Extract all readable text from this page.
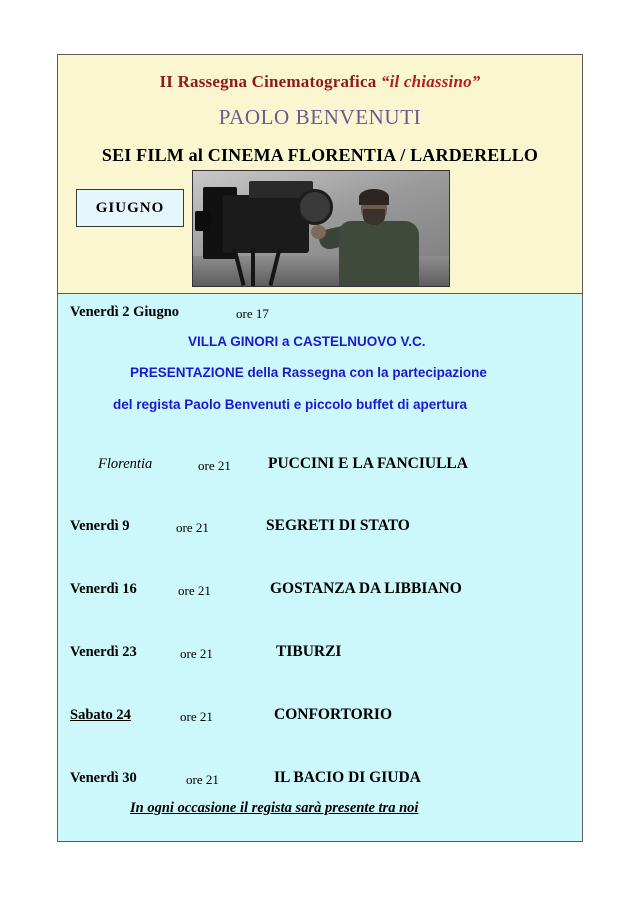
II Rassegna Cinematografica “il chiassino”
PAOLO BENVENUTI
SEI FILM al CINEMA FLORENTIA / LARDERELLO
GIUGNO
Venerdì 2 Giugno	ore 17
VILLA GINORI a CASTELNUOVO V.C.
PRESENTAZIONE della Rassegna con la partecipazione
del regista Paolo Benvenuti e piccolo buffet di apertura
Florentia	ore 21 PUCCINI E LA FANCIULLA
Venerdì 9	ore 21	SEGRETI DI STATO
Venerdì 16	ore 21	GOSTANZA DA LIBBIANO
Venerdì 23	ore 21	TIBURZI
Sabato 24	ore 21	CONFORTORIO
Venerdì 30	ore 21	IL BACIO DI GIUDA
In ogni occasione il regista sarà presente tra noi
